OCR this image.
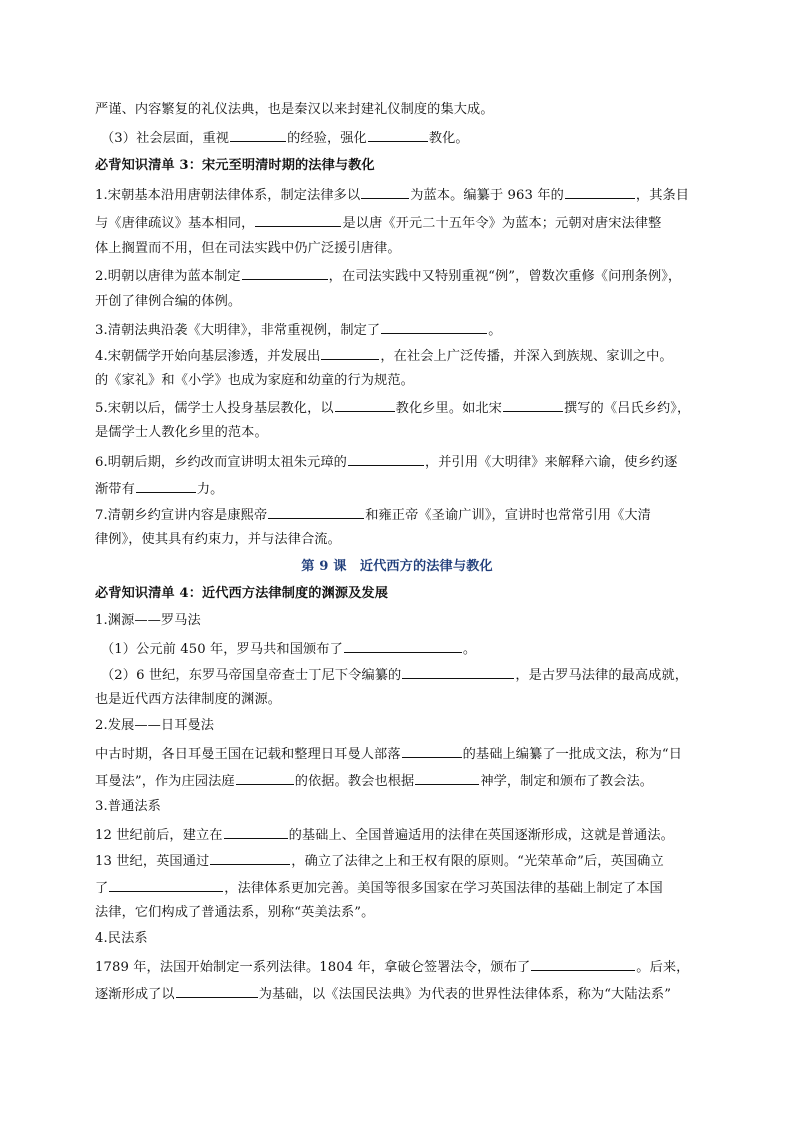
严谨、内容繁复的礼仪法典，也是秦汉以来封建礼仪制度的集大成。
（3）社会层面，重视	的经验，强化	教化。
必背知识清单 3：宋元至明清时期的法律与教化
1.宋朝基本沿用唐朝法律体系，制定法律多以	为蓝本。编纂于 963 年的	，其条目
与《唐律疏议》基本相同，	是以唐《开元二十五年令》为蓝本；元朝对唐宋法律整
体上搁置而不用，但在司法实践中仍广泛援引唐律。
2.明朝以唐律为蓝本制定	，在司法实践中又特别重视“例”，曾数次重修《问刑条例》，
开创了律例合编的体例。
3.清朝法典沿袭《大明律》，非常重视例，制定了	。
4.宋朝儒学开始向基层渗透，并发展出	，在社会上广泛传播，并深入到族规、家训之中。
的《家礼》和《小学》也成为家庭和幼童的行为规范。
5.宋朝以后，儒学士人投身基层教化，以	教化乡里。如北宋	撰写的《吕氏乡约》，
是儒学士人教化乡里的范本。
6.明朝后期，乡约改而宣讲明太祖朱元璋的	，并引用《大明律》来解释六谕，使乡约逐
渐带有	力。
7.清朝乡约宣讲内容是康熙帝	和雍正帝《圣谕广训》，宣讲时也常常引用《大清
律例》，使其具有约束力，并与法律合流。
第 9 课　近代西方的法律与教化
必背知识清单 4：近代西方法律制度的渊源及发展
1.渊源——罗马法
（1）公元前 450 年，罗马共和国颁布了	。
（2）6 世纪，东罗马帝国皇帝查士丁尼下令编纂的	，是古罗马法律的最高成就，
也是近代西方法律制度的渊源。
2.发展——日耳曼法
中古时期，各日耳曼王国在记载和整理日耳曼人部落	的基础上编纂了一批成文法，称为“日
耳曼法”，作为庄园法庭	的依据。教会也根据	神学，制定和颁布了教会法。
3.普通法系
12 世纪前后，建立在	的基础上、全国普遍适用的法律在英国逐渐形成，这就是普通法。
13 世纪，英国通过	，确立了法律之上和王权有限的原则。“光荣革命”后，英国确立
了	，法律体系更加完善。美国等很多国家在学习英国法律的基础上制定了本国
法律，它们构成了普通法系，别称“英美法系”。
4.民法系
1789 年，法国开始制定一系列法律。1804 年，拿破仑签署法令，颁布了	。后来，
逐渐形成了以	为基础，以《法国民法典》为代表的世界性法律体系，称为“大陆法系”
